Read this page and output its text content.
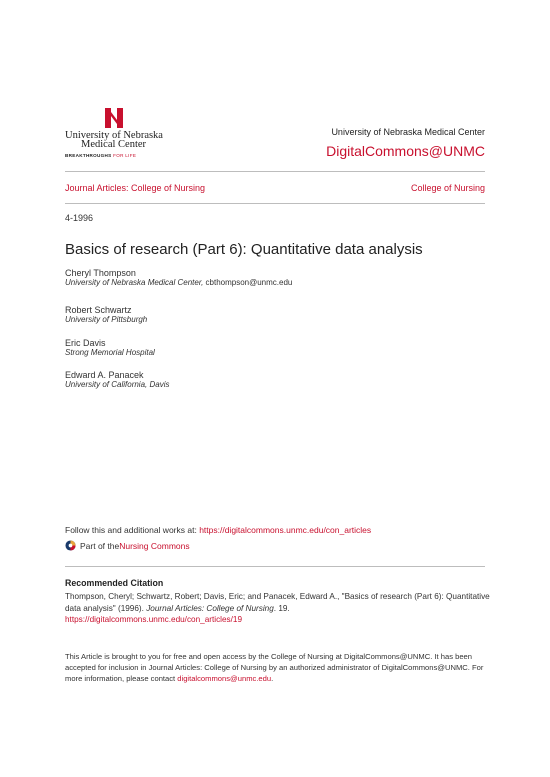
University of Nebraska
Medical Center
BREAKTHROUGHS FOR LIFE
University of Nebraska Medical Center
DigitalCommons@UNMC
Journal Articles: College of Nursing	College of Nursing
4-1996
Basics of research (Part 6): Quantitative data analysis
Cheryl Thompson
University of Nebraska Medical Center, cbthompson@unmc.edu
Robert Schwartz
University of Pittsburgh
Eric Davis
Strong Memorial Hospital
Edward A. Panacek
University of California, Davis
Follow this and additional works at: https://digitalcommons.unmc.edu/con_articles
Part of the Nursing Commons
Recommended Citation
Thompson, Cheryl; Schwartz, Robert; Davis, Eric; and Panacek, Edward A., "Basics of research (Part 6): Quantitative data analysis" (1996). Journal Articles: College of Nursing. 19.
https://digitalcommons.unmc.edu/con_articles/19
This Article is brought to you for free and open access by the College of Nursing at DigitalCommons@UNMC. It has been accepted for inclusion in Journal Articles: College of Nursing by an authorized administrator of DigitalCommons@UNMC. For more information, please contact digitalcommons@unmc.edu.
